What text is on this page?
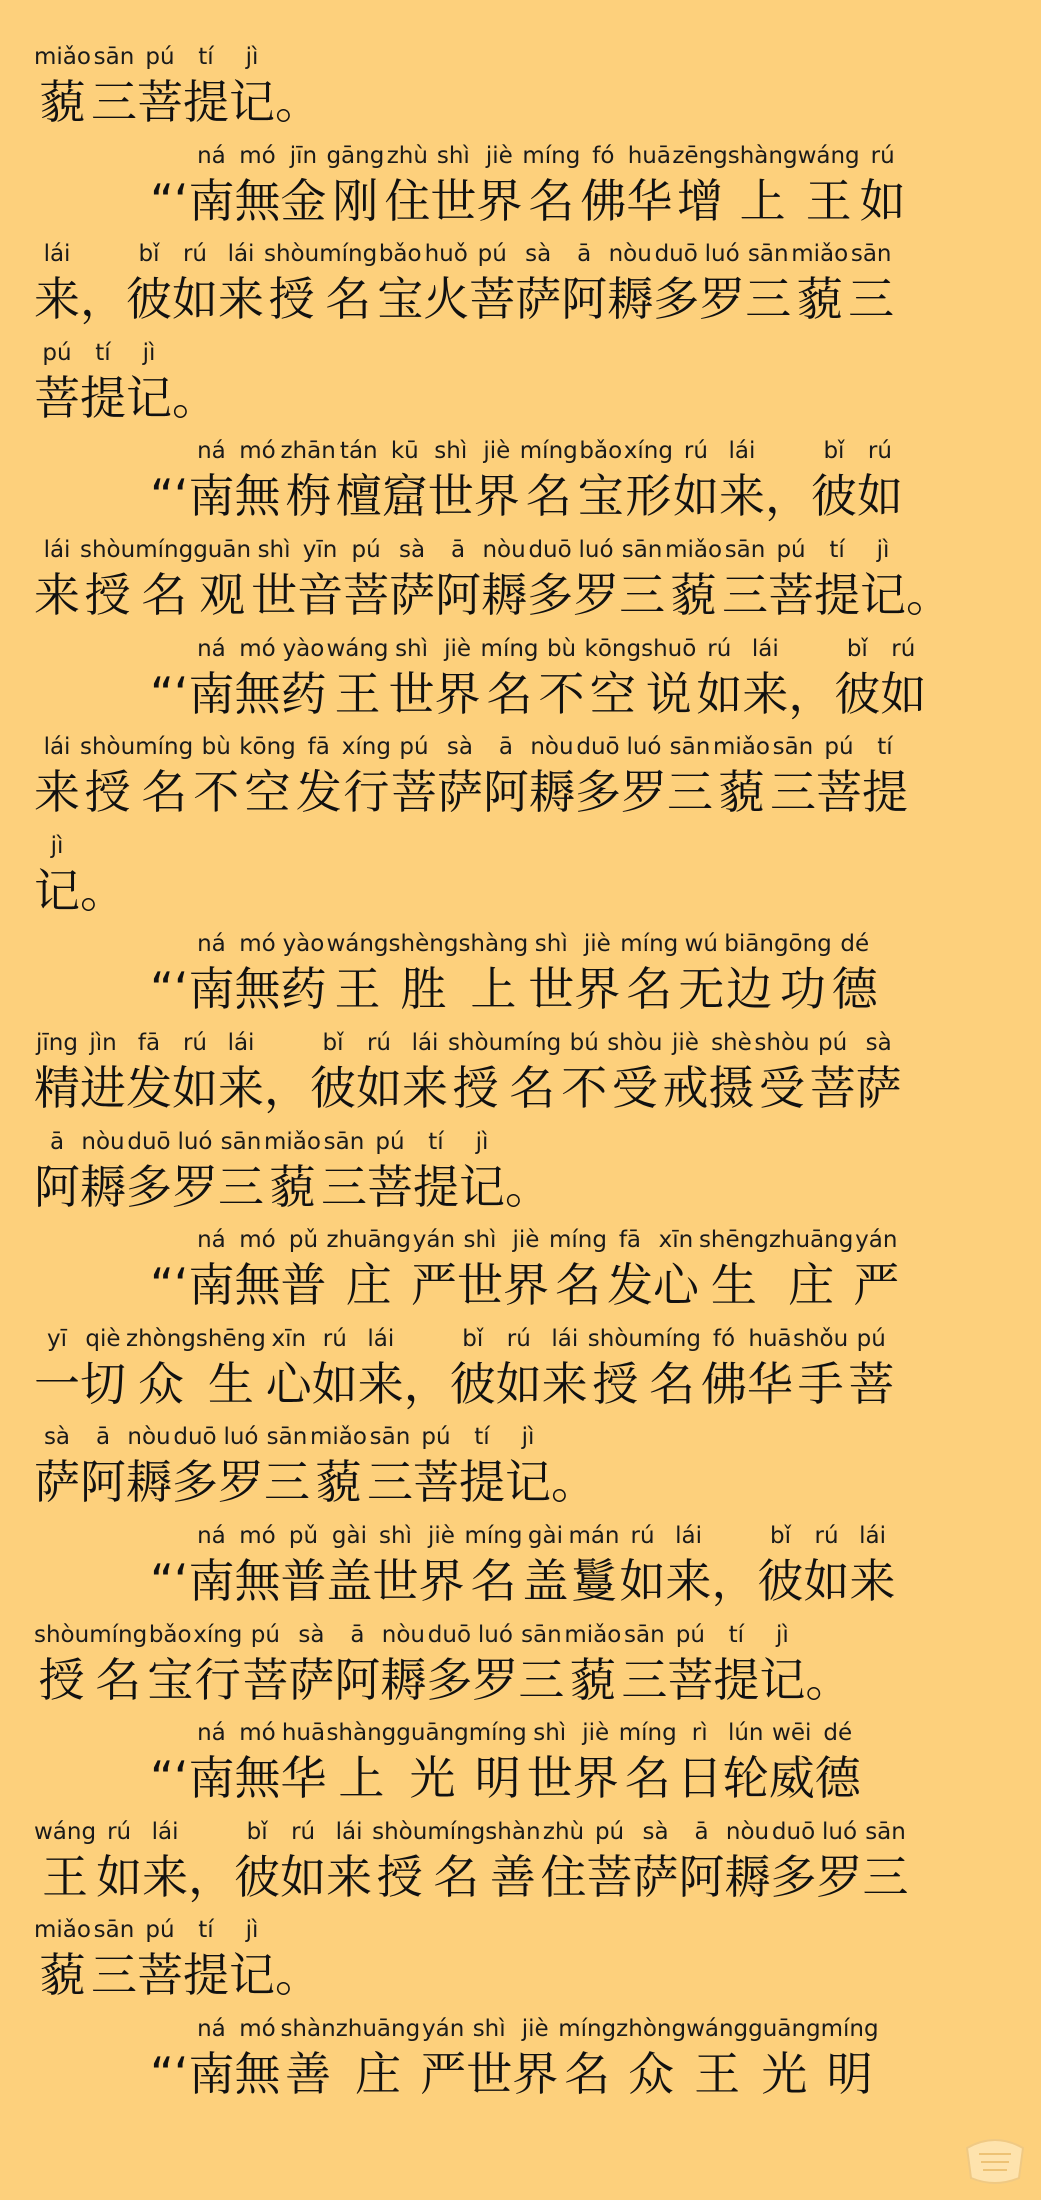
miǎo
藐
sān
三
pú
菩
tí
提
jì
记 。
“‘
ná
南
mó
無
jīn
金
gāng
刚
zhù
住
shì
世
jiè
界
míng
名
fó
佛
huā
华
zēng
增
shàng
上
wáng
王
rú
如
lái
来 ，
bǐ
彼
rú
如
lái
来
shòu
授
míng
名
bǎo
宝
huǒ
火
pú
菩
sà
萨
ā
阿
nòu
耨
duō
多
luó
罗
sān
三
miǎo
藐
sān
三
pú
菩
tí
提
jì
记 。
“‘
ná
南
mó
無
zhān
栴
tán
檀
kū
窟
shì
世
jiè
界
míng
名
bǎo
宝
xíng
形
rú
如
lái
来 ，
bǐ
彼
rú
如
lái
来
shòu
授
míng
名
guān
观
shì
世
yīn
音
pú
菩
sà
萨
ā
阿
nòu
耨
duō
多
luó
罗
sān
三
miǎo
藐
sān
三
pú
菩
tí
提
jì
记 。
“‘
ná
南
mó
無
yào
药
wáng
王
shì
世
jiè
界
míng
名
bù
不
kōng
空
shuō
说
rú
如
lái
来 ，
bǐ
彼
rú
如
lái
来
shòu
授
míng
名
bù
不
kōng
空
fā
发
xíng
行
pú
菩
sà
萨
ā
阿
nòu
耨
duō
多
luó
罗
sān
三
miǎo
藐
sān
三
pú
菩
tí
提
jì
记 。
“‘
ná
南
mó
無
yào
药
wáng
王
shèng
胜
shàng
上
shì
世
jiè
界
míng
名
wú
无
biān
边
gōng
功
dé
德
jīng
精
jìn
进
fā
发
rú
如
lái
来 ，
bǐ
彼
rú
如
lái
来
shòu
授
míng
名
bú
不
shòu
受
jiè
戒
shè
摄
shòu
受
pú
菩
sà
萨
ā
阿
nòu
耨
duō
多
luó
罗
sān
三
miǎo
藐
sān
三
pú
菩
tí
提
jì
记 。
“‘
ná
南
mó
無
pǔ
普
zhuāng
庄
yán
严
shì
世
jiè
界
míng
名
fā
发
xīn
心
shēng
生
zhuāng
庄
yán
严
yī
一
qiè
切
zhòng
众
shēng
生
xīn
心
rú
如
lái
来 ，
bǐ
彼
rú
如
lái
来
shòu
授
míng
名
fó
佛
huā
华
shǒu
手
pú
菩
sà
萨
ā
阿
nòu
耨
duō
多
luó
罗
sān
三
miǎo
藐
sān
三
pú
菩
tí
提
jì
记 。
“‘
ná
南
mó
無
pǔ
普
gài
盖
shì
世
jiè
界
míng
名
gài
盖
mán
鬘
rú
如
lái
来 ，
bǐ
彼
rú
如
lái
来
shòu
授
míng
名
bǎo
宝
xíng
行
pú
菩
sà
萨
ā
阿
nòu
耨
duō
多
luó
罗
sān
三
miǎo
藐
sān
三
pú
菩
tí
提
jì
记 。
“‘
ná
南
mó
無
huā
华
shàng
上
guāng
光
míng
明
shì
世
jiè
界
míng
名
rì
日
lún
轮
wēi
威
dé
德
wáng
王
rú
如
lái
来 ，
bǐ
彼
rú
如
lái
来
shòu
授
míng
名
shàn
善
zhù
住
pú
菩
sà
萨
ā
阿
nòu
耨
duō
多
luó
罗
sān
三
miǎo
藐
sān
三
pú
菩
tí
提
jì
记 。
“‘
ná
南
mó
無
shàn
善
zhuāng
庄
yán
严
shì
世
jiè
界
míng
名
zhòng
众
wáng
王
guāng
光
míng
明
